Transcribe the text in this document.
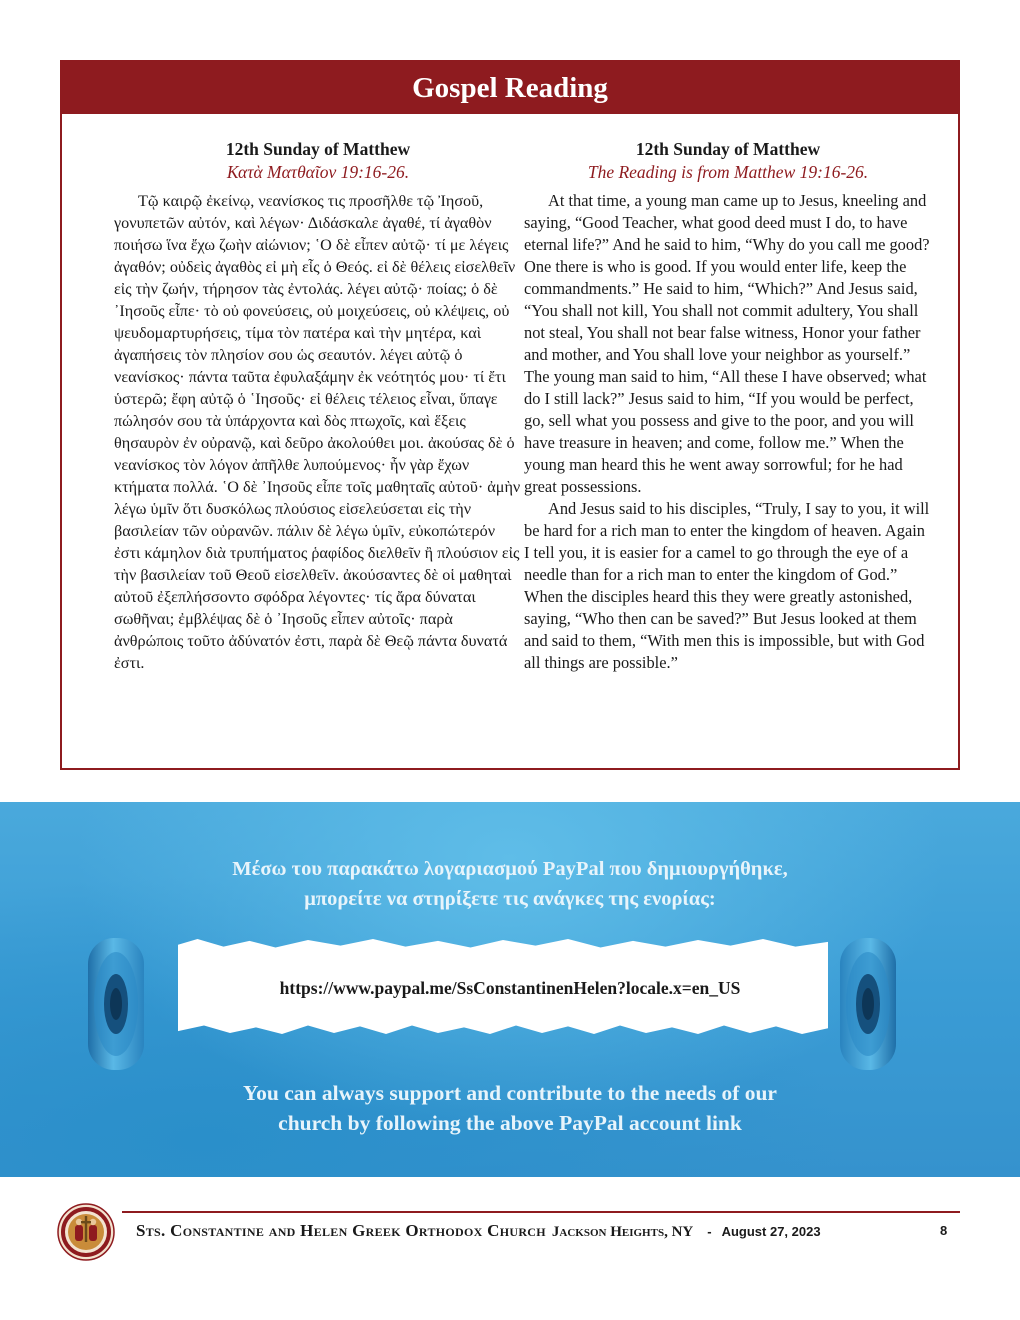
Gospel Reading
12th Sunday of Matthew
Κατὰ Ματθαῖον 19:16-26.

Τῷ καιρῷ ἐκείνῳ, νεανίσκος τις προσῆλθε τῷ Ἰησοῦ, γονυπετῶν αὐτόν, καὶ λέγων· Διδάσκαλε ἀγαθέ, τί ἀγαθὸν ποιήσω ἵνα ἔχω ζωὴν αἰώνιον; ῾Ο δὲ εἶπεν αὐτῷ· τί με λέγεις ἀγαθόν; οὐδεὶς ἀγαθὸς εἰ μὴ εἷς ὁ Θεός. εἰ δὲ θέλεις εἰσελθεῖν εἰς τὴν ζωήν, τήρησον τὰς ἐντολάς. λέγει αὐτῷ· ποίας; ὁ δὲ ᾿Ιησοῦς εἶπε· τὸ οὐ φονεύσεις, οὐ μοιχεύσεις, οὐ κλέψεις, οὐ ψευδομαρτυρήσεις, τίμα τὸν πατέρα καὶ τὴν μητέρα, καὶ ἀγαπήσεις τὸν πλησίον σου ὡς σεαυτόν. λέγει αὐτῷ ὁ νεανίσκος· πάντα ταῦτα ἐφυλαξάμην ἐκ νεότητός μου· τί ἔτι ὑστερῶ; ἔφη αὐτῷ ὁ ῾Ιησοῦς· εἰ θέλεις τέλειος εἶναι, ὕπαγε πώλησόν σου τὰ ὑπάρχοντα καὶ δὸς πτωχοῖς, καὶ ἕξεις θησαυρὸν ἐν οὐρανῷ, καὶ δεῦρο ἀκολούθει μοι. ἀκούσας δὲ ὁ νεανίσκος τὸν λόγον ἀπῆλθε λυπούμενος· ἦν γὰρ ἔχων κτήματα πολλά. ῾Ο δὲ ᾿Ιησοῦς εἶπε τοῖς μαθηταῖς αὐτοῦ· ἀμὴν λέγω ὑμῖν ὅτι δυσκόλως πλούσιος εἰσελεύσεται εἰς τὴν βασιλείαν τῶν οὐρανῶν. πάλιν δὲ λέγω ὑμῖν, εὐκοπώτερόν ἐστι κάμηλον διὰ τρυπήματος ῥαφίδος διελθεῖν ἢ πλούσιον εἰς τὴν βασιλείαν τοῦ Θεοῦ εἰσελθεῖν. ἀκούσαντες δὲ οἱ μαθηταὶ αὐτοῦ ἐξεπλήσσοντο σφόδρα λέγοντες· τίς ἄρα δύναται σωθῆναι; ἐμβλέψας δὲ ὁ ᾿Ιησοῦς εἶπεν αὐτοῖς· παρὰ ἀνθρώποις τοῦτο ἀδύνατόν ἐστι, παρὰ δὲ Θεῷ πάντα δυνατά ἐστι.

12th Sunday of Matthew
The Reading is from Matthew 19:16-26.

At that time, a young man came up to Jesus, kneeling and saying, “Good Teacher, what good deed must I do, to have eternal life?” And he said to him, “Why do you call me good? One there is who is good. If you would enter life, keep the commandments.” He said to him, “Which?” And Jesus said, “You shall not kill, You shall not commit adultery, You shall not steal, You shall not bear false witness, Honor your father and mother, and You shall love your neighbor as yourself.” The young man said to him, “All these I have observed; what do I still lack?” Jesus said to him, “If you would be perfect, go, sell what you possess and give to the poor, and you will have treasure in heaven; and come, follow me.” When the young man heard this he went away sorrowful; for he had great possessions.

And Jesus said to his disciples, “Truly, I say to you, it will be hard for a rich man to enter the kingdom of heaven. Again I tell you, it is easier for a camel to go through the eye of a needle than for a rich man to enter the kingdom of God.” When the disciples heard this they were greatly astonished, saying, “Who then can be saved?” But Jesus looked at them and said to them, “With men this is impossible, but with God all things are possible.”

Μέσω του παρακάτω λογαριασμού PayPal που δημιουργήθηκε,
μπορείτε να στηρίξετε τις ανάγκες της ενορίας:
https://www.paypal.me/SsConstantinenHelen?locale.x=en_US
You can always support and contribute to the needs of our
church by following the above PayPal account link
Sts. Constantine and Helen Greek Orthodox Church Jackson Heights, NY - August 27, 2023	8
